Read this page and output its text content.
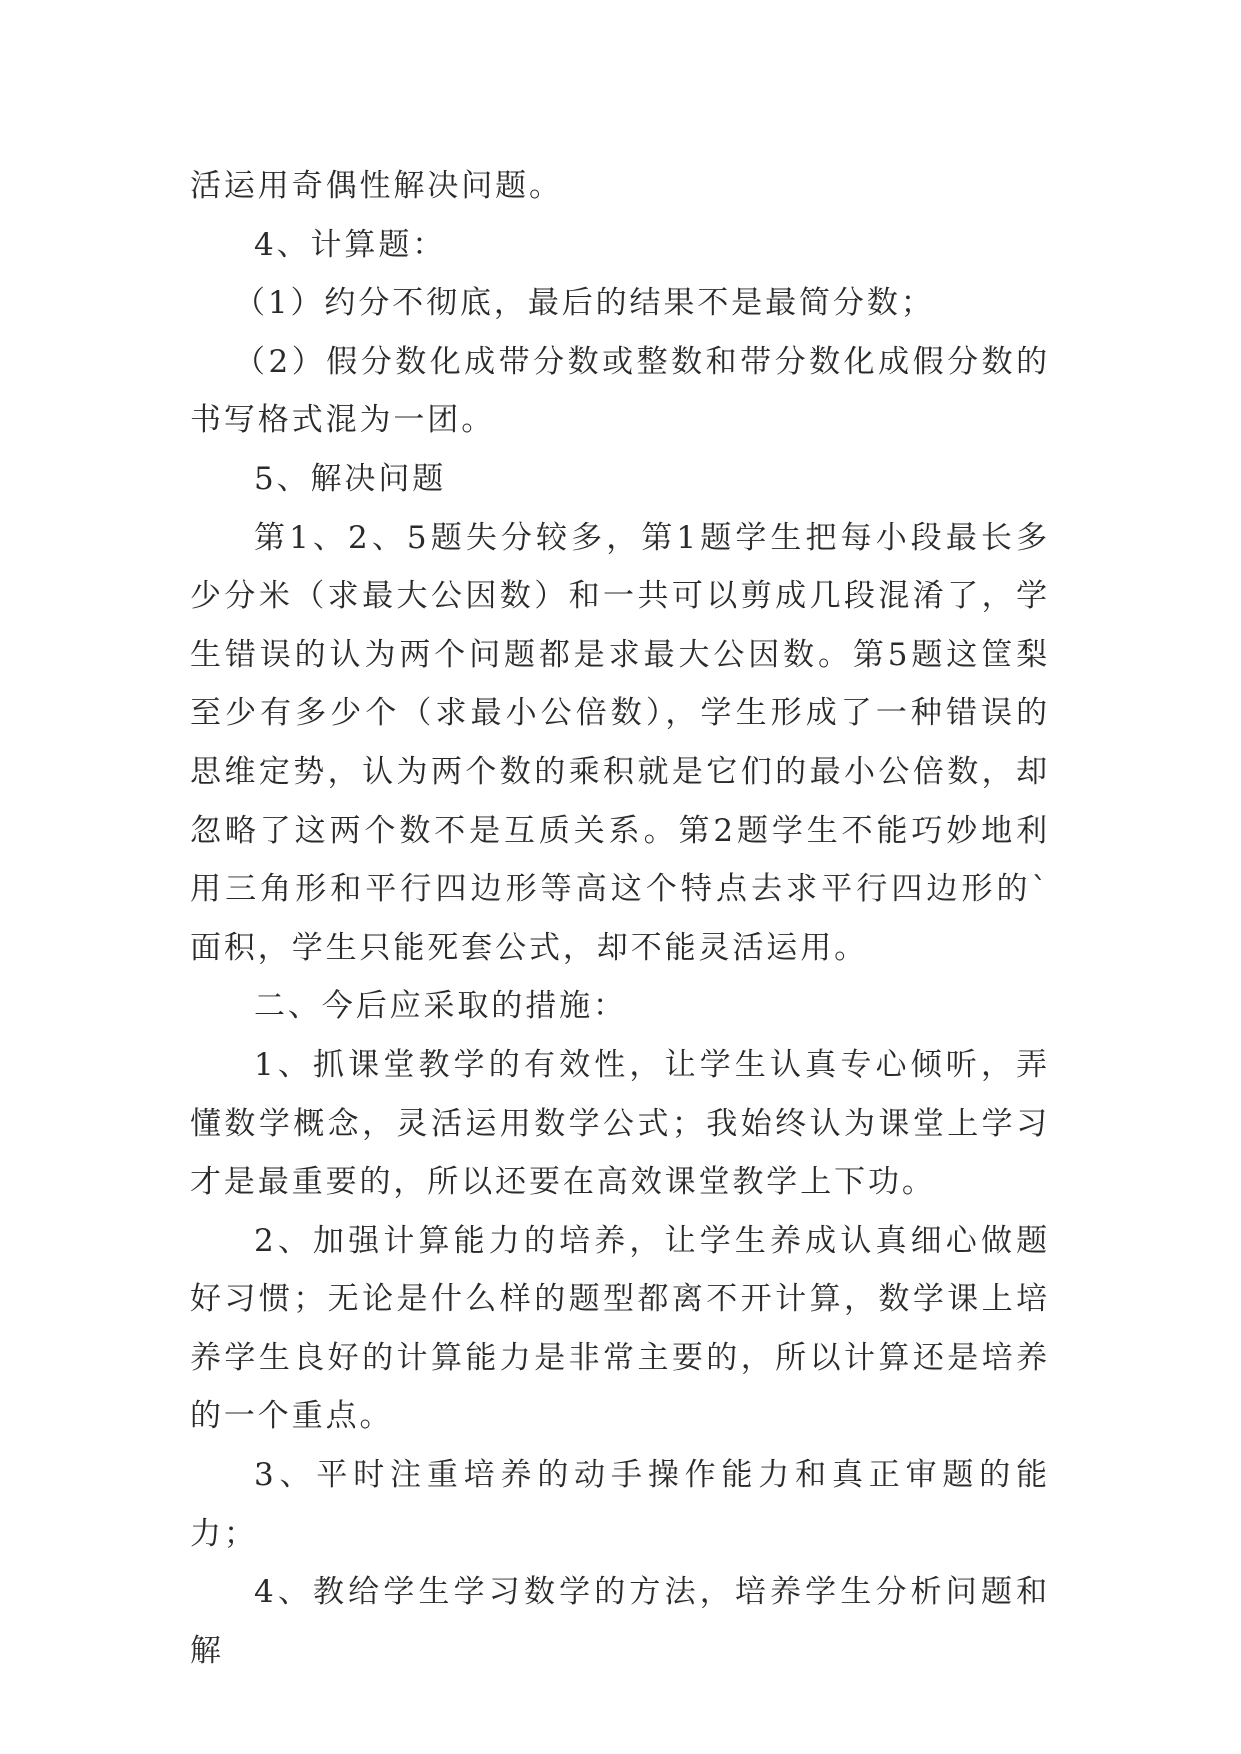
活运用奇偶性解决问题。

4、计算题：

（1）约分不彻底，最后的结果不是最简分数；

（2）假分数化成带分数或整数和带分数化成假分数的书写格式混为一团。

5、解决问题

第1、2、5题失分较多，第1题学生把每小段最长多少分米（求最大公因数）和一共可以剪成几段混淆了，学生错误的认为两个问题都是求最大公因数。第5题这筐梨至少有多少个（求最小公倍数），学生形成了一种错误的思维定势，认为两个数的乘积就是它们的最小公倍数，却忽略了这两个数不是互质关系。第2题学生不能巧妙地利用三角形和平行四边形等高这个特点去求平行四边形的`面积，学生只能死套公式，却不能灵活运用。

二、今后应采取的措施：

1、抓课堂教学的有效性，让学生认真专心倾听，弄懂数学概念，灵活运用数学公式；我始终认为课堂上学习才是最重要的，所以还要在高效课堂教学上下功。

2、加强计算能力的培养，让学生养成认真细心做题好习惯；无论是什么样的题型都离不开计算，数学课上培养学生良好的计算能力是非常主要的，所以计算还是培养的一个重点。

3、平时注重培养的动手操作能力和真正审题的能力；

4、教给学生学习数学的方法，培养学生分析问题和解
